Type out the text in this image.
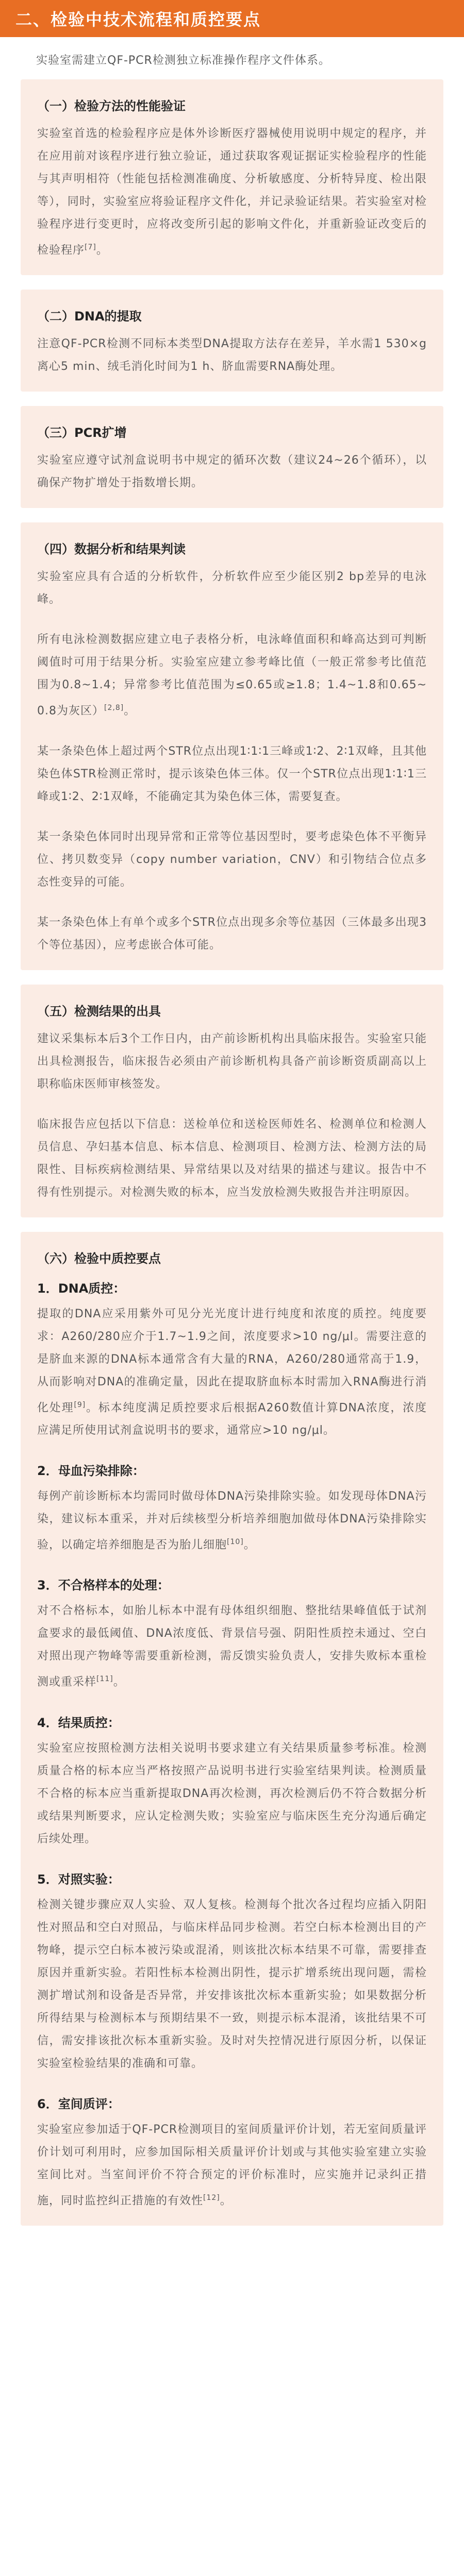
二、检验中技术流程和质控要点

实验室需建立QF-PCR检测独立标准操作程序文件体系。

（一）检验方法的性能验证

实验室首选的检验程序应是体外诊断医疗器械使用说明中规定的程序，并在应用前对该程序进行独立验证，通过获取客观证据证实检验程序的性能与其声明相符（性能包括检测准确度、分析敏感度、分析特异度、检出限等），同时，实验室应将验证程序文件化，并记录验证结果。若实验室对检验程序进行变更时，应将改变所引起的影响文件化，并重新验证改变后的检验程序[7]。

（二）DNA的提取

注意QF-PCR检测不同标本类型DNA提取方法存在差异，羊水需1 530×g离心5 min、绒毛消化时间为1 h、脐血需要RNA酶处理。

（三）PCR扩增

实验室应遵守试剂盒说明书中规定的循环次数（建议24~26个循环），以确保产物扩增处于指数增长期。

（四）数据分析和结果判读

实验室应具有合适的分析软件，分析软件应至少能区别2 bp差异的电泳峰。

所有电泳检测数据应建立电子表格分析，电泳峰值面积和峰高达到可判断阈值时可用于结果分析。实验室应建立参考峰比值（一般正常参考比值范围为0.8~1.4；异常参考比值范围为≤0.65或≥1.8；1.4~1.8和0.65~0.8为灰区）[2,8]。

某一条染色体上超过两个STR位点出现1∶1∶1三峰或1∶2、2∶1双峰，且其他染色体STR检测正常时，提示该染色体三体。仅一个STR位点出现1∶1∶1三峰或1∶2、2∶1双峰，不能确定其为染色体三体，需要复查。

某一条染色体同时出现异常和正常等位基因型时，要考虑染色体不平衡异位、拷贝数变异（copy number variation，CNV）和引物结合位点多态性变异的可能。

某一条染色体上有单个或多个STR位点出现多余等位基因（三体最多出现3个等位基因），应考虑嵌合体可能。

（五）检测结果的出具

建议采集标本后3个工作日内，由产前诊断机构出具临床报告。实验室只能出具检测报告，临床报告必须由产前诊断机构具备产前诊断资质副高以上职称临床医师审核签发。

临床报告应包括以下信息：送检单位和送检医师姓名、检测单位和检测人员信息、孕妇基本信息、标本信息、检测项目、检测方法、检测方法的局限性、目标疾病检测结果、异常结果以及对结果的描述与建议。报告中不得有性别提示。对检测失败的标本，应当发放检测失败报告并注明原因。

（六）检验中质控要点
1．DNA质控：

提取的DNA应采用紫外可见分光光度计进行纯度和浓度的质控。纯度要求：A260/280应介于1.7~1.9之间，浓度要求>10 ng/μl。需要注意的是脐血来源的DNA标本通常含有大量的RNA，A260/280通常高于1.9，从而影响对DNA的准确定量，因此在提取脐血标本时需加入RNA酶进行消化处理[9]。标本纯度满足质控要求后根据A260数值计算DNA浓度，浓度应满足所使用试剂盒说明书的要求，通常应>10 ng/μl。

2．母血污染排除：

每例产前诊断标本均需同时做母体DNA污染排除实验。如发现母体DNA污染，建议标本重采，并对后续核型分析培养细胞加做母体DNA污染排除实验，以确定培养细胞是否为胎儿细胞[10]。

3．不合格样本的处理：

对不合格标本，如胎儿标本中混有母体组织细胞、整批结果峰值低于试剂盒要求的最低阈值、DNA浓度低、背景信号强、阴阳性质控未通过、空白对照出现产物峰等需要重新检测，需反馈实验负责人，安排失败标本重检测或重采样[11]。

4．结果质控：

实验室应按照检测方法相关说明书要求建立有关结果质量参考标准。检测质量合格的标本应当严格按照产品说明书进行实验室结果判读。检测质量不合格的标本应当重新提取DNA再次检测，再次检测后仍不符合数据分析或结果判断要求，应认定检测失败；实验室应与临床医生充分沟通后确定后续处理。

5．对照实验：

检测关键步骤应双人实验、双人复核。检测每个批次各过程均应插入阴阳性对照品和空白对照品，与临床样品同步检测。若空白标本检测出目的产物峰，提示空白标本被污染或混淆，则该批次标本结果不可靠，需要排查原因并重新实验。若阳性标本检测出阴性，提示扩增系统出现问题，需检测扩增试剂和设备是否异常，并安排该批次标本重新实验；如果数据分析所得结果与检测标本与预期结果不一致，则提示标本混淆，该批结果不可信，需安排该批次标本重新实验。及时对失控情况进行原因分析，以保证实验室检验结果的准确和可靠。

6．室间质评：

实验室应参加适于QF-PCR检测项目的室间质量评价计划，若无室间质量评价计划可利用时，应参加国际相关质量评价计划或与其他实验室建立实验室间比对。当室间评价不符合预定的评价标准时，应实施并记录纠正措施，同时监控纠正措施的有效性[12]。
